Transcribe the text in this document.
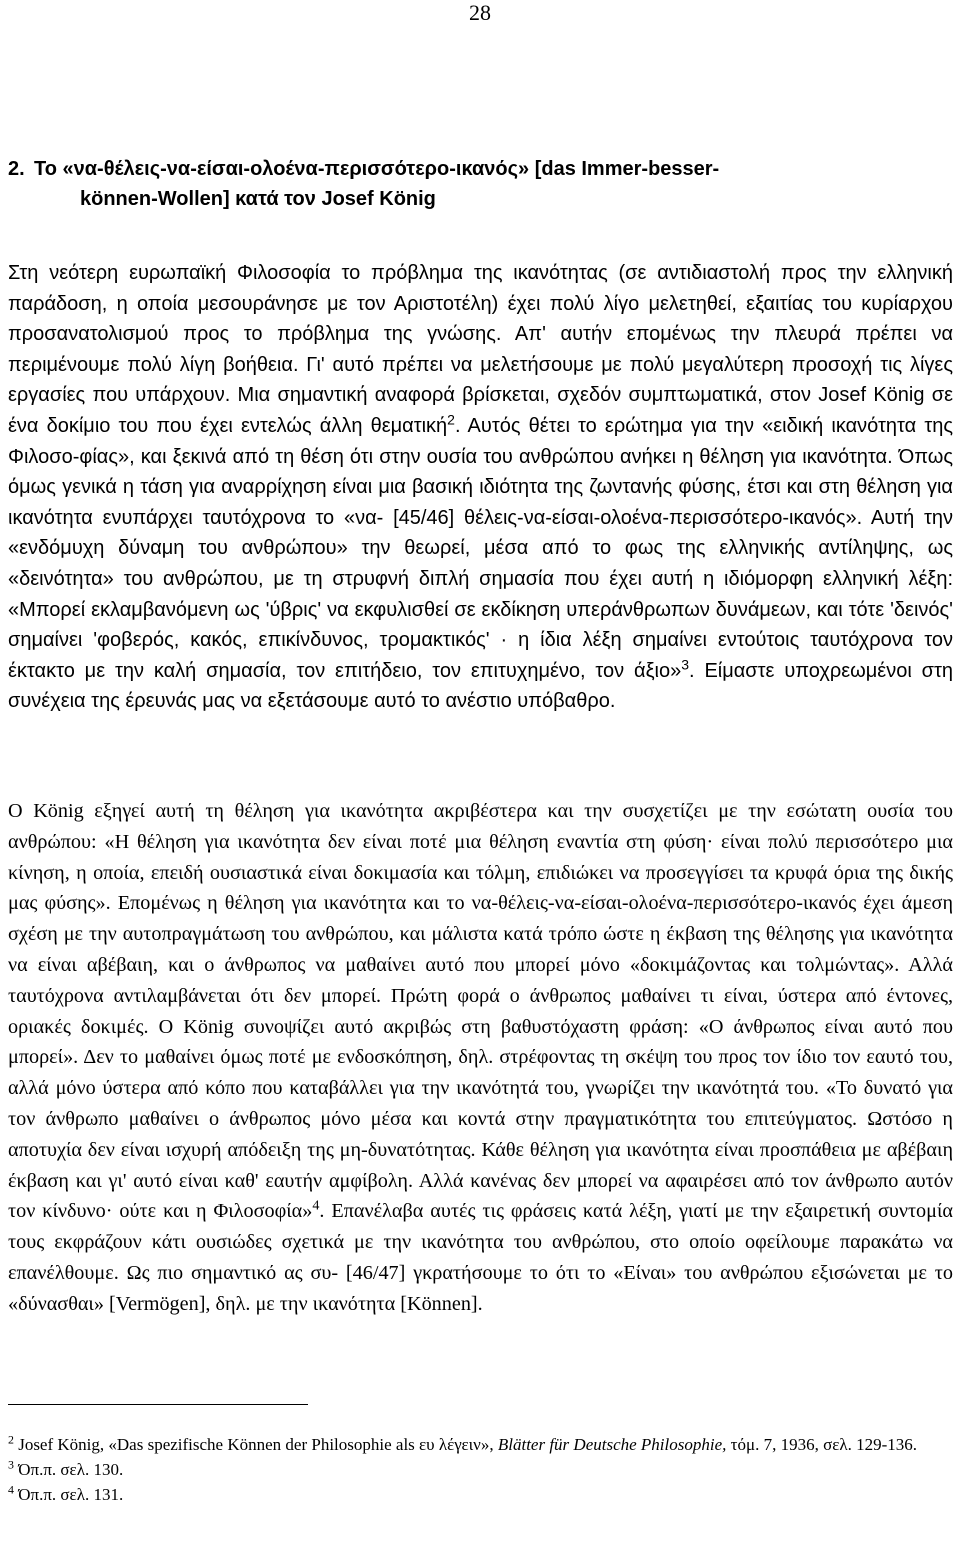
28
2. Το «να-θέλεις-να-είσαι-ολοένα-περισσότερο-ικανός» [das Immer-besser-
können-Wollen] κατά τον Josef König

Στη νεότερη ευρωπαϊκή Φιλοσοφία το πρόβλημα της ικανότητας (σε αντιδιαστολή προς την ελληνική παράδοση, η οποία μεσουράνησε με τον Αριστοτέλη) έχει πολύ λίγο μελετηθεί, εξαιτίας του κυρίαρχου προσανατολισμού προς το πρόβλημα της γνώσης. Απ' αυτήν επομένως την πλευρά πρέπει να περιμένουμε πολύ λίγη βοήθεια. Γι' αυτό πρέπει να μελετήσουμε με πολύ μεγαλύτερη προσοχή τις λίγες εργασίες που υπάρχουν. Μια σημαντική αναφορά βρίσκεται, σχεδόν συμπτωματικά, στον Josef König σε ένα δοκίμιο του που έχει εντελώς άλλη θεματική$^2$. Αυτός θέτει το ερώτημα για την «ειδική ικανότητα της Φιλοσο-φίας», και ξεκινά από τη θέση ότι στην ουσία του ανθρώπου ανήκει η θέληση για ικανότητα. Όπως όμως γενικά η τάση για αναρρίχηση είναι μια βασική ιδιότητα της ζωντανής φύσης, έτσι και στη θέληση για ικανότητα ενυπάρχει ταυτόχρονα το «να- [45/46] θέλεις-να-είσαι-ολοένα-περισσότερο-ικανός». Αυτή την «ενδόμυχη δύναμη του ανθρώπου» την θεωρεί, μέσα από το φως της ελληνικής αντίληψης, ως «δεινότητα» του ανθρώπου, με τη στρυφνή διπλή σημασία που έχει αυτή η ιδιόμορφη ελληνική λέξη: «Μπορεί εκλαμβανόμενη ως 'ύβρις' να εκφυλισθεί σε εκδίκηση υπεράνθρωπων δυνάμεων, και τότε 'δεινός' σημαίνει 'φοβερός, κακός, επικίνδυνος, τρομακτικός' · η ίδια λέξη σημαίνει εντούτοις ταυτόχρονα τον έκτακτο με την καλή σημασία, τον επιτήδειο, τον επιτυχημένο, τον άξιο»$^3$. Είμαστε υποχρεωμένοι στη συνέχεια της έρευνάς μας να εξετάσουμε αυτό το ανέστιο υπόβαθρο.

Ο König εξηγεί αυτή τη θέληση για ικανότητα ακριβέστερα και την συσχετίζει με την εσώτατη ουσία του ανθρώπου: «Η θέληση για ικανότητα δεν είναι ποτέ μια θέληση εναντία στη φύση· είναι πολύ περισσότερο μια κίνηση, η οποία, επειδή ουσιαστικά είναι δοκιμασία και τόλμη, επιδιώκει να προσεγγίσει τα κρυφά όρια της δικής μας φύσης». Επομένως η θέληση για ικανότητα και το να-θέλεις-να-είσαι-ολοένα-περισσότερο-ικανός έχει άμεση σχέση με την αυτοπραγμάτωση του ανθρώπου, και μάλιστα κατά τρόπο ώστε η έκβαση της θέλησης για ικανότητα να είναι αβέβαιη, και ο άνθρωπος να μαθαίνει αυτό που μπορεί μόνο «δοκιμάζοντας και τολμώντας». Αλλά ταυτόχρονα αντιλαμβάνεται ότι δεν μπορεί. Πρώτη φορά ο άνθρωπος μαθαίνει τι είναι, ύστερα από έντονες, οριακές δοκιμές. Ο König συνοψίζει αυτό ακριβώς στη βαθυστόχαστη φράση: «Ο άνθρωπος είναι αυτό που μπορεί». Δεν το μαθαίνει όμως ποτέ με ενδοσκόπηση, δηλ. στρέφοντας τη σκέψη του προς τον ίδιο τον εαυτό του, αλλά μόνο ύστερα από κόπο που καταβάλλει για την ικανότητά του, γνωρίζει την ικανότητά του. «Το δυνατό για τον άνθρωπο μαθαίνει ο άνθρωπος μόνο μέσα και κοντά στην πραγματικότητα του επιτεύγματος. Ωστόσο η αποτυχία δεν είναι ισχυρή απόδειξη της μη-δυνατότητας. Κάθε θέληση για ικανότητα είναι προσπάθεια με αβέβαιη έκβαση και γι' αυτό είναι καθ' εαυτήν αμφίβολη. Αλλά κανένας δεν μπορεί να αφαιρέσει από τον άνθρωπο αυτόν τον κίνδυνο· ούτε και η Φιλοσοφία»$^4$. Επανέλαβα αυτές τις φράσεις κατά λέξη, γιατί με την εξαιρετική συντομία τους εκφράζουν κάτι ουσιώδες σχετικά με την ικανότητα του ανθρώπου, στο οποίο οφείλουμε παρακάτω να επανέλθουμε. Ως πιο σημαντικό ας συ- [46/47] γκρατήσουμε το ότι το «Είναι» του ανθρώπου εξισώνεται με το «δύνασθαι» [Vermögen], δηλ. με την ικανότητα [Können].

$^2$ Josef König, «Das spezifische Können der Philosophie als ευ λέγειν», Blätter für Deutsche Philosophie, τόμ. 7, 1936, σελ. 129-136.

$^3$ Όπ.π. σελ. 130.

$^4$ Όπ.π. σελ. 131.
